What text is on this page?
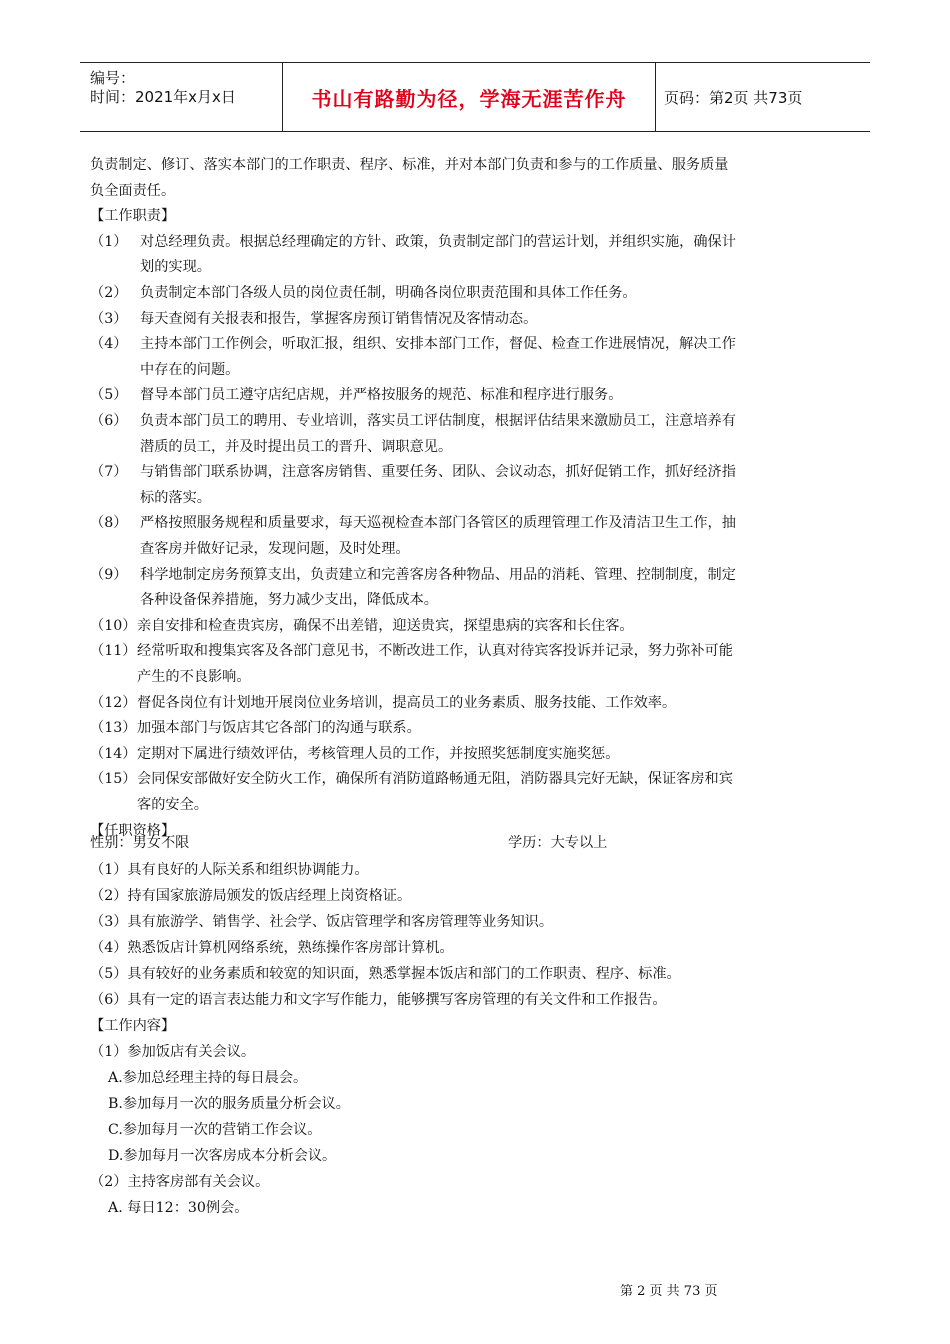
编号：
时间：2021年x月x日	书山有路勤为径，学海无涯苦作舟	页码：第2页 共73页
负责制定、修订、落实本部门的工作职责、程序、标准，并对本部门负责和参与的工作质量、服务质量
负全面责任。
【工作职责】
（1） 对总经理负责。根据总经理确定的方针、政策，负责制定部门的营运计划，并组织实施，确保计
划的实现。
（2） 负责制定本部门各级人员的岗位责任制，明确各岗位职责范围和具体工作任务。
（3） 每天查阅有关报表和报告，掌握客房预订销售情况及客情动态。
（4） 主持本部门工作例会，听取汇报，组织、安排本部门工作，督促、检查工作进展情况，解决工作
中存在的问题。
（5） 督导本部门员工遵守店纪店规，并严格按服务的规范、标准和程序进行服务。
（6） 负责本部门员工的聘用、专业培训，落实员工评估制度，根据评估结果来激励员工，注意培养有
潜质的员工，并及时提出员工的晋升、调职意见。
（7） 与销售部门联系协调，注意客房销售、重要任务、团队、会议动态，抓好促销工作，抓好经济指
标的落实。
（8） 严格按照服务规程和质量要求，每天巡视检查本部门各管区的质理管理工作及清洁卫生工作，抽
查客房并做好记录，发现问题，及时处理。
（9） 科学地制定房务预算支出，负责建立和完善客房各种物品、用品的消耗、管理、控制制度，制定
各种设备保养措施，努力减少支出，降低成本。
（10） 亲自安排和检查贵宾房，确保不出差错，迎送贵宾，探望患病的宾客和长住客。
（11） 经常听取和搜集宾客及各部门意见书，不断改进工作，认真对待宾客投诉并记录，努力弥补可能
产生的不良影响。
（12） 督促各岗位有计划地开展岗位业务培训，提高员工的业务素质、服务技能、工作效率。
（13） 加强本部门与饭店其它各部门的沟通与联系。
（14） 定期对下属进行绩效评估，考核管理人员的工作，并按照奖惩制度实施奖惩。
（15） 会同保安部做好安全防火工作，确保所有消防道路畅通无阻，消防器具完好无缺，保证客房和宾
客的安全。
【任职资格】
性别：男女不限	学历：大专以上
（1）具有良好的人际关系和组织协调能力。
（2）持有国家旅游局颁发的饭店经理上岗资格证。
（3）具有旅游学、销售学、社会学、饭店管理学和客房管理等业务知识。
（4）熟悉饭店计算机网络系统，熟练操作客房部计算机。
（5）具有较好的业务素质和较宽的知识面，熟悉掌握本饭店和部门的工作职责、程序、标准。
（6）具有一定的语言表达能力和文字写作能力，能够撰写客房管理的有关文件和工作报告。
【工作内容】
（1）参加饭店有关会议。
A.参加总经理主持的每日晨会。
B.参加每月一次的服务质量分析会议。
C.参加每月一次的营销工作会议。
D.参加每月一次客房成本分析会议。
（2）主持客房部有关会议。
A. 每日12：30例会。
第 2 页 共 73 页
